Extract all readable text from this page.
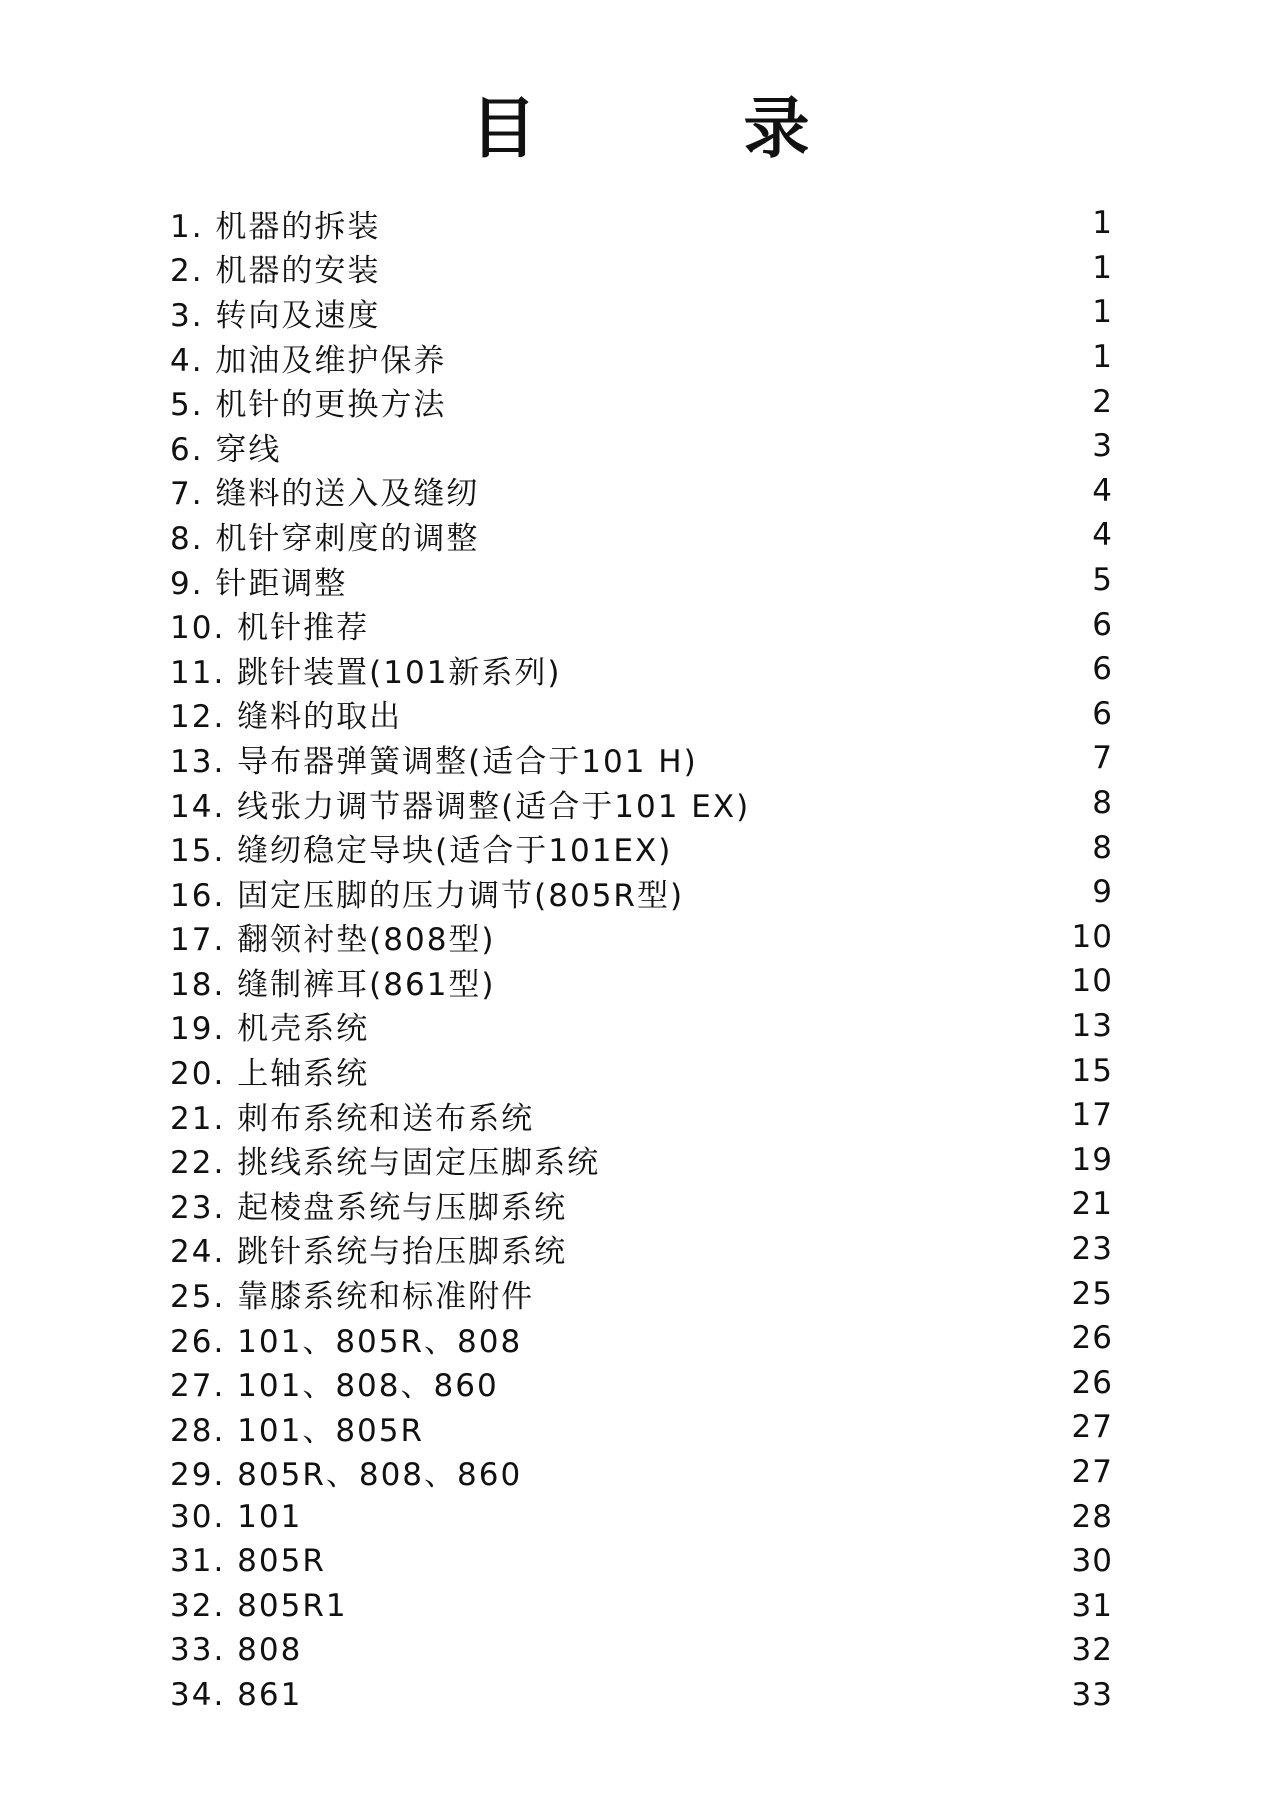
目 录
1. 机器的拆装	1
2. 机器的安装	1
3. 转向及速度	1
4. 加油及维护保养	1
5. 机针的更换方法	2
6. 穿线	3
7. 缝料的送入及缝纫	4
8. 机针穿刺度的调整	4
9. 针距调整	5
10. 机针推荐	6
11. 跳针装置(101新系列)	6
12. 缝料的取出	6
13. 导布器弹簧调整(适合于101 H)	7
14. 线张力调节器调整(适合于101 EX)	8
15. 缝纫稳定导块(适合于101EX)	8
16. 固定压脚的压力调节(805R型)	9
17. 翻领衬垫(808型)	10
18. 缝制裤耳(861型)	10
19. 机壳系统	13
20. 上轴系统	15
21. 刺布系统和送布系统	17
22. 挑线系统与固定压脚系统	19
23. 起棱盘系统与压脚系统	21
24. 跳针系统与抬压脚系统	23
25. 靠膝系统和标准附件	25
26. 101、805R、808	26
27. 101、808、860	26
28. 101、805R	27
29. 805R、808、860	27
30. 101	28
31. 805R	30
32. 805R1	31
33. 808	32
34. 861	33
